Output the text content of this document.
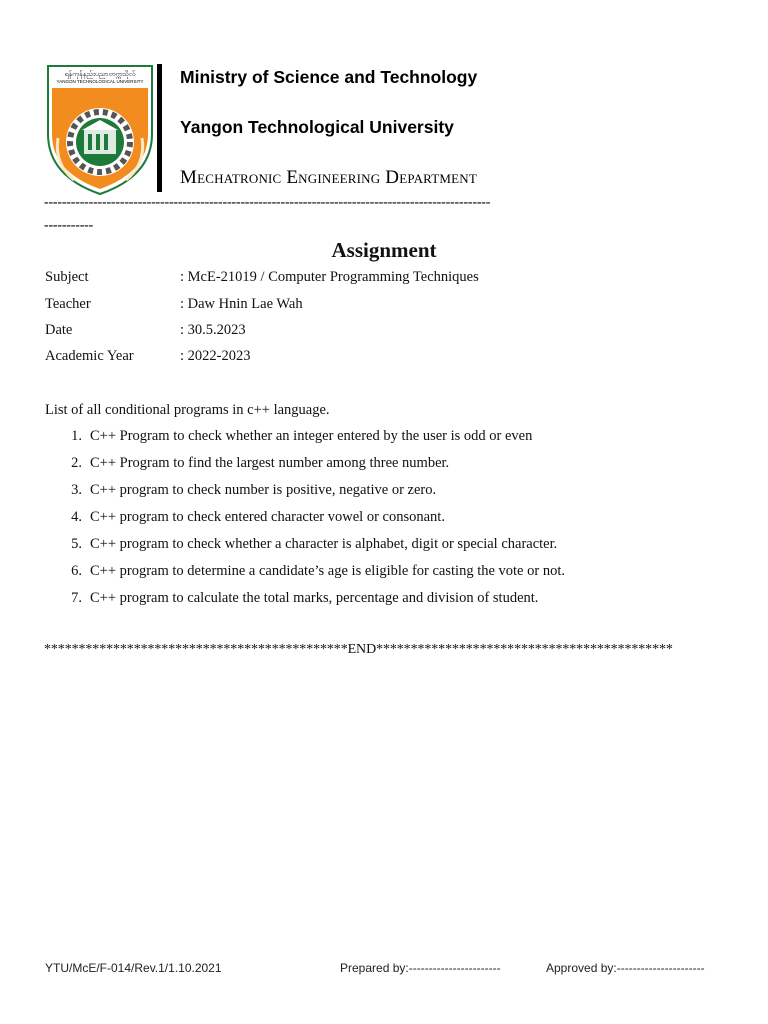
ရန်ကုန်နည်းပညာတက္ကသိုလ်
YANGON TECHNOLOGICAL UNIVERSITY	Ministry of Science and Technology
Yangon Technological University
Mechatronic Engineering Department
----------------------------------------------------------------------------------------------------
-----------
Assignment
Subject	: McE-21019 / Computer Programming Techniques
Teacher	: Daw Hnin Lae Wah
Date	: 30.5.2023
Academic Year	: 2022-2023
List of all conditional programs in c++ language.
1. C++ Program to check whether an integer entered by the user is odd or even
2. C++ Program to find the largest number among three number.
3. C++ program to check number is positive, negative or zero.
4. C++ program to check entered character vowel or consonant.
5. C++ program to check whether a character is alphabet, digit or special character.
6. C++ program to determine a candidate’s age is eligible for casting the vote or not.
7. C++ program to calculate the total marks, percentage and division of student.
********************************************END*******************************************
YTU/McE/F-014/Rev.1/1.10.2021	Prepared by:-----------------------	Approved by:----------------------
